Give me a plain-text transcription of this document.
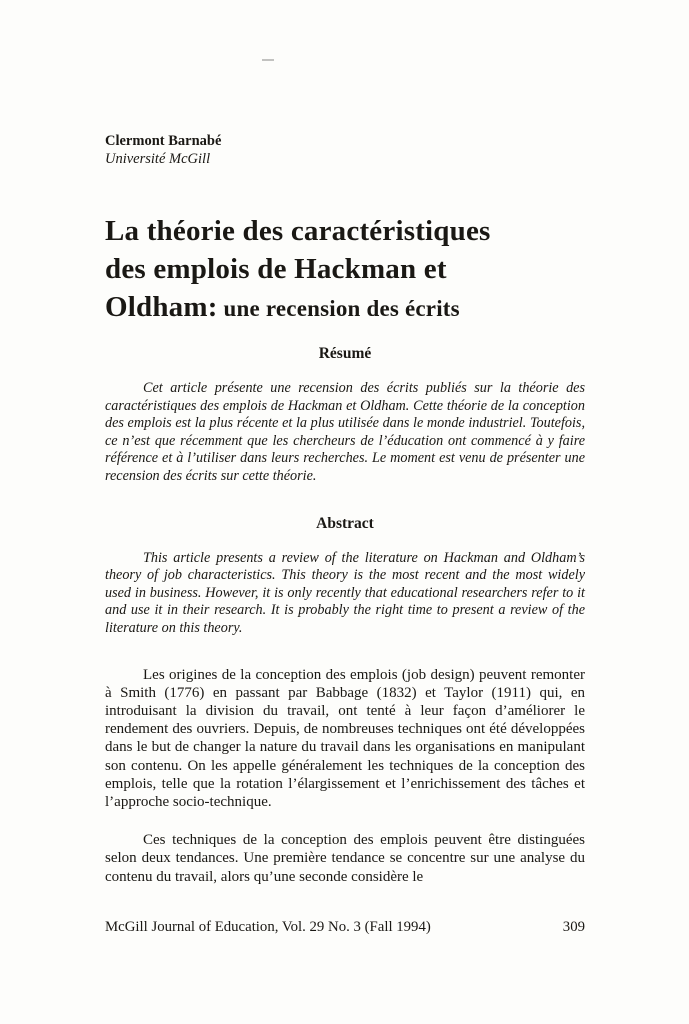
Clermont Barnabé
Université McGill
La théorie des caractéristiques
des emplois de Hackman et
Oldham: une recension des écrits
Résumé

Cet article présente une recension des écrits publiés sur la théorie des caractéristiques des emplois de Hackman et Oldham. Cette théorie de la conception des emplois est la plus récente et la plus utilisée dans le monde industriel. Toutefois, ce n’est que récemment que les chercheurs de l’éducation ont commencé à y faire référence et à l’utiliser dans leurs recherches. Le moment est venu de présenter une recension des écrits sur cette théorie.

Abstract

This article presents a review of the literature on Hackman and Oldham’s theory of job characteristics. This theory is the most recent and the most widely used in business. However, it is only recently that educational researchers refer to it and use it in their research. It is probably the right time to present a review of the literature on this theory.

Les origines de la conception des emplois (job design) peuvent remonter à Smith (1776) en passant par Babbage (1832) et Taylor (1911) qui, en introduisant la division du travail, ont tenté à leur façon d’améliorer le rendement des ouvriers. Depuis, de nombreuses techniques ont été développées dans le but de changer la nature du travail dans les organisations en manipulant son contenu. On les appelle généralement les techniques de la conception des emplois, telle que la rotation l’élargissement et l’enrichissement des tâches et l’approche socio-technique.

Ces techniques de la conception des emplois peuvent être distinguées selon deux tendances. Une première tendance se concentre sur une analyse du contenu du travail, alors qu’une seconde considère le

McGill Journal of Education, Vol. 29 No. 3 (Fall 1994)	309
